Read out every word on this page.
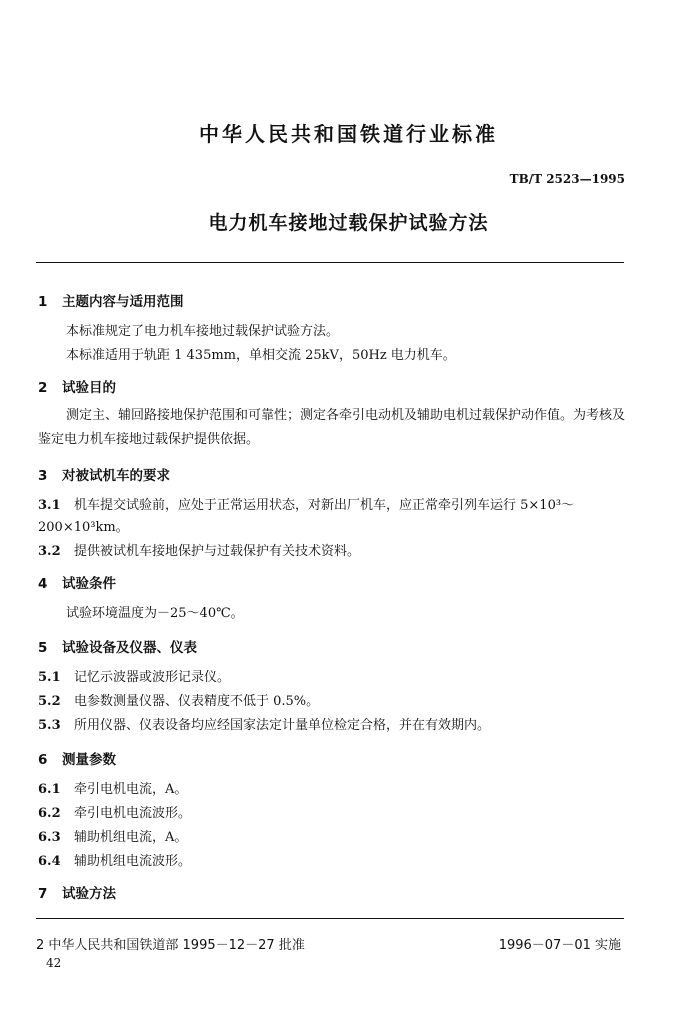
中华人民共和国铁道行业标准
TB/T 2523—1995
电力机车接地过载保护试验方法
1 主题内容与适用范围
本标准规定了电力机车接地过载保护试验方法。
本标准适用于轨距 1 435mm，单相交流 25kV，50Hz 电力机车。
2 试验目的
测定主、辅回路接地保护范围和可靠性；测定各牵引电动机及辅助电机过载保护动作值。为考核及鉴定电力机车接地过载保护提供依据。
3 对被试机车的要求
3.1 机车提交试验前，应处于正常运用状态，对新出厂机车，应正常牵引列车运行 5×10³～
200×10³km。
3.2 提供被试机车接地保护与过载保护有关技术资料。
4 试验条件
试验环境温度为－25～40℃。
5 试验设备及仪器、仪表
5.1 记忆示波器或波形记录仪。
5.2 电参数测量仪器、仪表精度不低于 0.5%。
5.3 所用仪器、仪表设备均应经国家法定计量单位检定合格，并在有效期内。
6 测量参数
6.1 牵引电机电流，A。
6.2 牵引电机电流波形。
6.3 辅助机组电流，A。
6.4 辅助机组电流波形。
7 试验方法
2 中华人民共和国铁道部 1995－12－27 批准	1996－07－01 实施
42
